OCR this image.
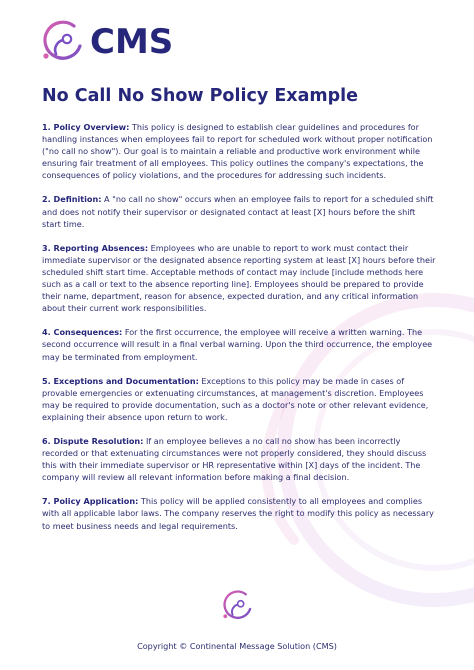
CMS
No Call No Show Policy Example

1. Policy Overview: This policy is designed to establish clear guidelines and procedures for handling instances when employees fail to report for scheduled work without proper notification ("no call no show"). Our goal is to maintain a reliable and productive work environment while ensuring fair treatment of all employees. This policy outlines the company's expectations, the consequences of policy violations, and the procedures for addressing such incidents.

2. Definition: A "no call no show" occurs when an employee fails to report for a scheduled shift and does not notify their supervisor or designated contact at least [X] hours before the shift start time.

3. Reporting Absences: Employees who are unable to report to work must contact their immediate supervisor or the designated absence reporting system at least [X] hours before their scheduled shift start time. Acceptable methods of contact may include [include methods here such as a call or text to the absence reporting line]. Employees should be prepared to provide their name, department, reason for absence, expected duration, and any critical information about their current work responsibilities.

4. Consequences: For the first occurrence, the employee will receive a written warning. The second occurrence will result in a final verbal warning. Upon the third occurrence, the employee may be terminated from employment.

5. Exceptions and Documentation: Exceptions to this policy may be made in cases of provable emergencies or extenuating circumstances, at management's discretion. Employees may be required to provide documentation, such as a doctor's note or other relevant evidence, explaining their absence upon return to work.

6. Dispute Resolution: If an employee believes a no call no show has been incorrectly recorded or that extenuating circumstances were not properly considered, they should discuss this with their immediate supervisor or HR representative within [X] days of the incident. The company will review all relevant information before making a final decision.

7. Policy Application: This policy will be applied consistently to all employees and complies with all applicable labor laws. The company reserves the right to modify this policy as necessary to meet business needs and legal requirements.

Copyright © Continental Message Solution (CMS)
